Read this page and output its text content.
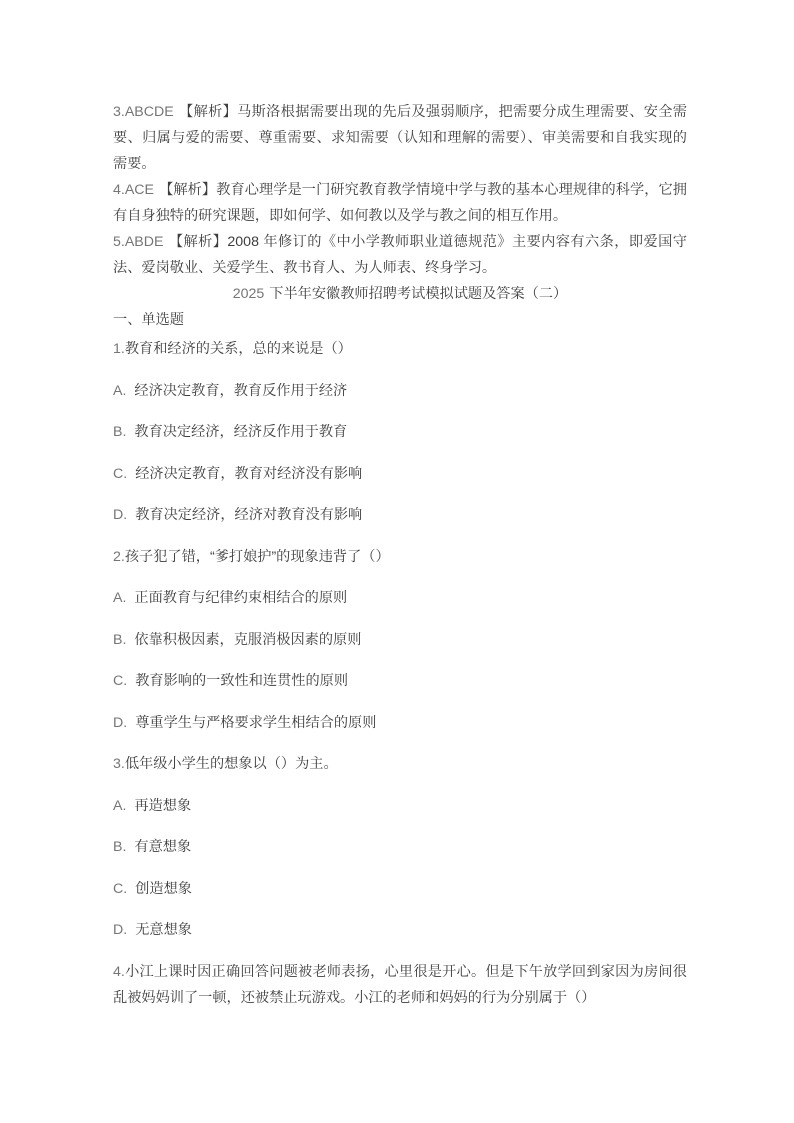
3.ABCDE 【解析】马斯洛根据需要出现的先后及强弱顺序，把需要分成生理需要、安全需要、归属与爱的需要、尊重需要、求知需要（认知和理解的需要）、审美需要和自我实现的需要。

4.ACE 【解析】教育心理学是一门研究教育教学情境中学与教的基本心理规律的科学，它拥有自身独特的研究课题，即如何学、如何教以及学与教之间的相互作用。

5.ABDE 【解析】2008 年修订的《中小学教师职业道德规范》主要内容有六条，即爱国守法、爱岗敬业、关爱学生、教书育人、为人师表、终身学习。

2025 下半年安徽教师招聘考试模拟试题及答案（二）

一、单选题

1.教育和经济的关系，总的来说是（）

A. 经济决定教育，教育反作用于经济

B. 教育决定经济，经济反作用于教育

C. 经济决定教育，教育对经济没有影响

D. 教育决定经济，经济对教育没有影响

2.孩子犯了错，“爹打娘护”的现象违背了（）

A. 正面教育与纪律约束相结合的原则

B. 依靠积极因素，克服消极因素的原则

C. 教育影响的一致性和连贯性的原则

D. 尊重学生与严格要求学生相结合的原则

3.低年级小学生的想象以（）为主。

A. 再造想象

B. 有意想象

C. 创造想象

D. 无意想象

4.小江上课时因正确回答问题被老师表扬，心里很是开心。但是下午放学回到家因为房间很乱被妈妈训了一顿，还被禁止玩游戏。小江的老师和妈妈的行为分别属于（）
